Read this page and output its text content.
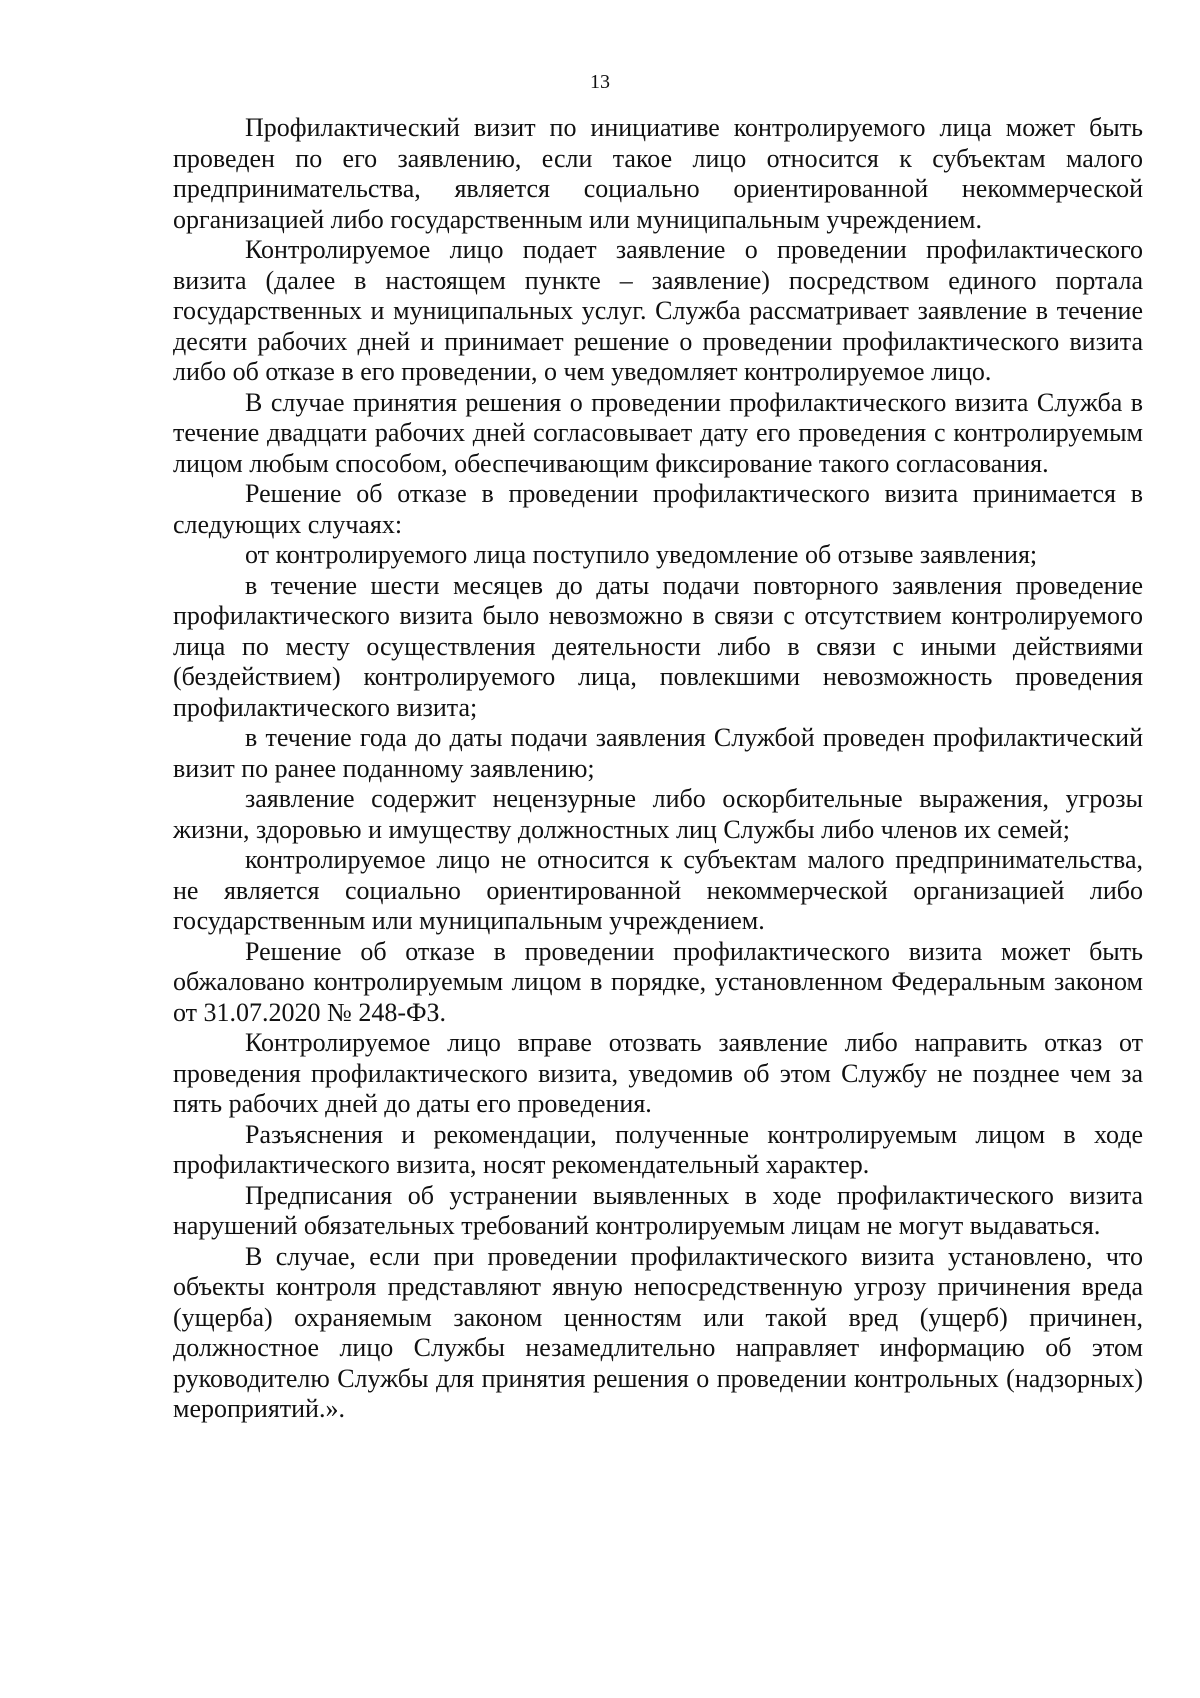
13

Профилактический визит по инициативе контролируемого лица может быть проведен по его заявлению, если такое лицо относится к субъектам малого предпринимательства, является социально ориентированной некоммерческой организацией либо государственным или муниципальным учреждением.

Контролируемое лицо подает заявление о проведении профилактического визита (далее в настоящем пункте – заявление) посредством единого портала государственных и муниципальных услуг. Служба рассматривает заявление в течение десяти рабочих дней и принимает решение о проведении профилактического визита либо об отказе в его проведении, о чем уведомляет контролируемое лицо.

В случае принятия решения о проведении профилактического визита Служба в течение двадцати рабочих дней согласовывает дату его проведения с контролируемым лицом любым способом, обеспечивающим фиксирование такого согласования.

Решение об отказе в проведении профилактического визита принимается в следующих случаях:

от контролируемого лица поступило уведомление об отзыве заявления;

в течение шести месяцев до даты подачи повторного заявления проведение профилактического визита было невозможно в связи с отсутствием контролируемого лица по месту осуществления деятельности либо в связи с иными действиями (бездействием) контролируемого лица, повлекшими невозможность проведения профилактического визита;

в течение года до даты подачи заявления Службой проведен профилактический визит по ранее поданному заявлению;

заявление содержит нецензурные либо оскорбительные выражения, угрозы жизни, здоровью и имуществу должностных лиц Службы либо членов их семей;

контролируемое лицо не относится к субъектам малого предпринимательства, не является социально ориентированной некоммерческой организацией либо государственным или муниципальным учреждением.

Решение об отказе в проведении профилактического визита может быть обжаловано контролируемым лицом в порядке, установленном Федеральным законом от 31.07.2020 № 248-ФЗ.

Контролируемое лицо вправе отозвать заявление либо направить отказ от проведения профилактического визита, уведомив об этом Службу не позднее чем за пять рабочих дней до даты его проведения.

Разъяснения и рекомендации, полученные контролируемым лицом в ходе профилактического визита, носят рекомендательный характер.

Предписания об устранении выявленных в ходе профилактического визита нарушений обязательных требований контролируемым лицам не могут выдаваться.

В случае, если при проведении профилактического визита установлено, что объекты контроля представляют явную непосредственную угрозу причинения вреда (ущерба) охраняемым законом ценностям или такой вред (ущерб) причинен, должностное лицо Службы незамедлительно направляет информацию об этом руководителю Службы для принятия решения о проведении контрольных (надзорных) мероприятий.».
